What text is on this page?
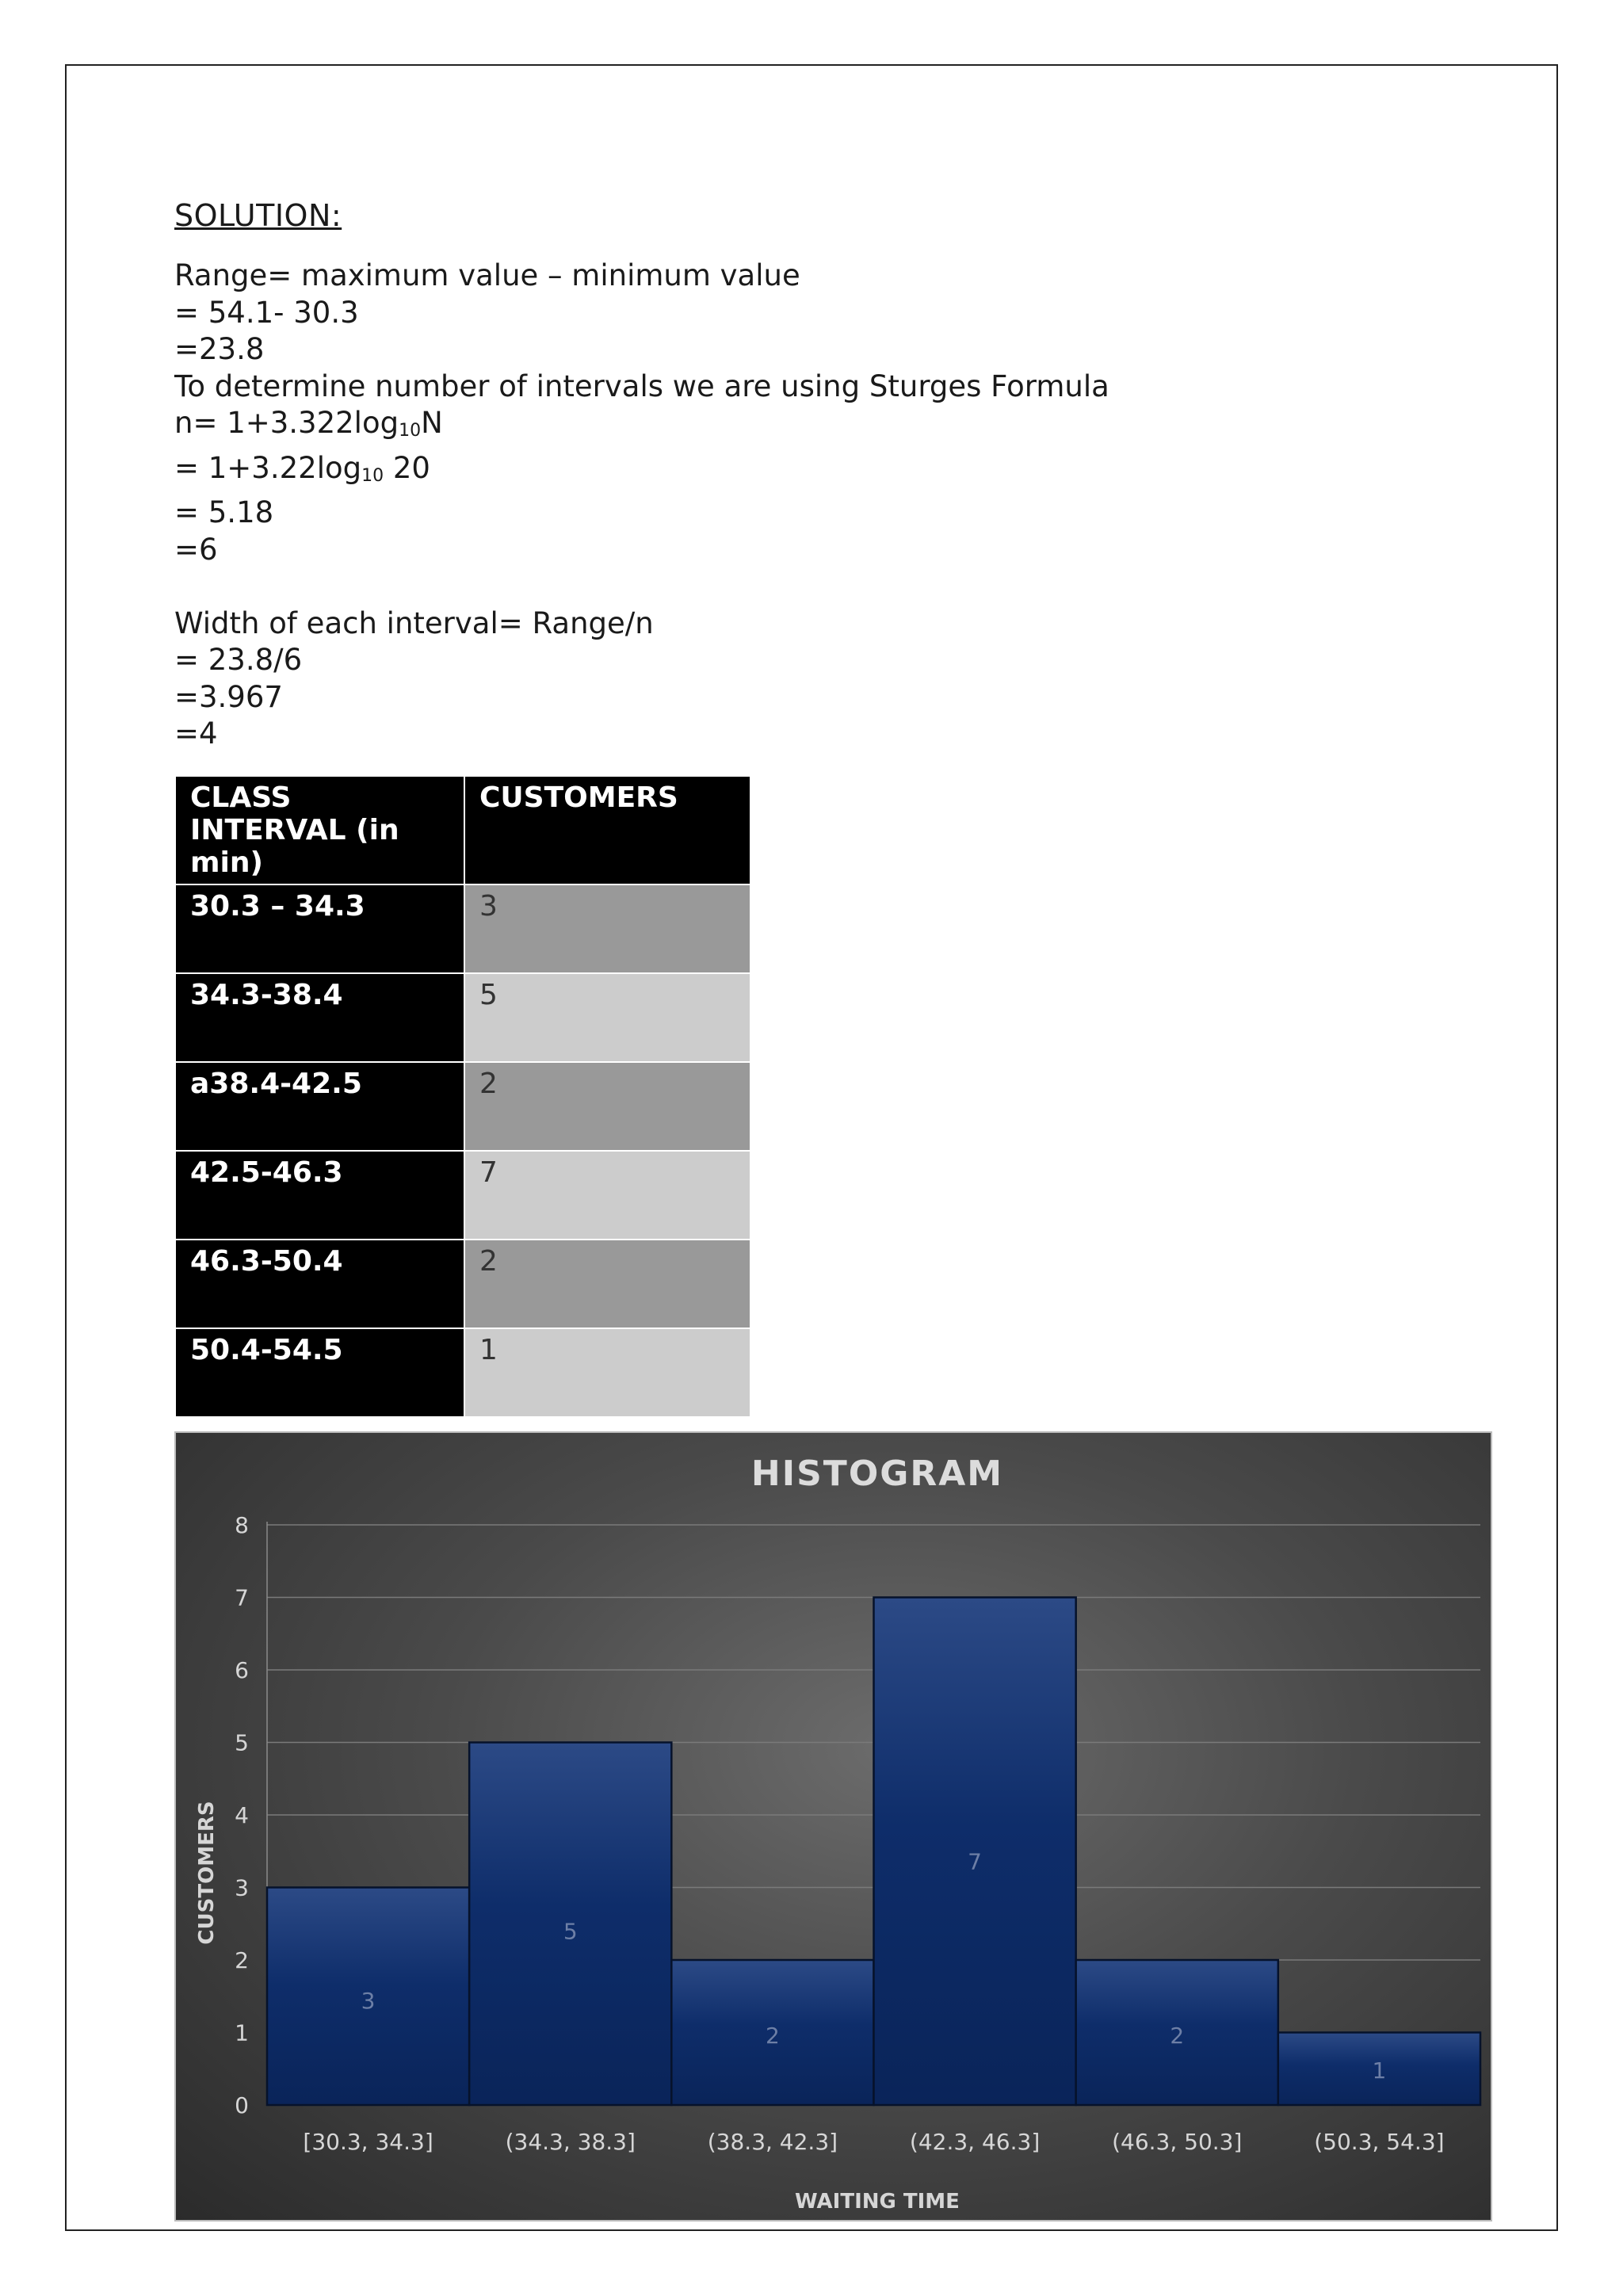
SOLUTION:
Range= maximum value – minimum value
= 54.1- 30.3
=23.8
To determine number of intervals we are using Sturges Formula
$n= 1+3.322\log_{10}N$
= $1+3.22\log_{10}$ 20
= 5.18
=6
Width of each interval= Range/n
= 23.8/6
=3.967
=4
CLASS INTERVAL (in min)	CUSTOMERS
30.3 – 34.3	3
34.3-38.4	5
a38.4-42.5	2
42.5-46.3	7
46.3-50.4	2
50.4-54.5	1
HISTOGRAM
3
5
2
7
2
1
0
1
2
3
4
5
6
7
8
[30.3, 34.3]	(34.3, 38.3]	(38.3, 42.3]	(42.3, 46.3]	(46.3, 50.3]	(50.3, 54.3]
WAITING TIME
CUSTOMERS
